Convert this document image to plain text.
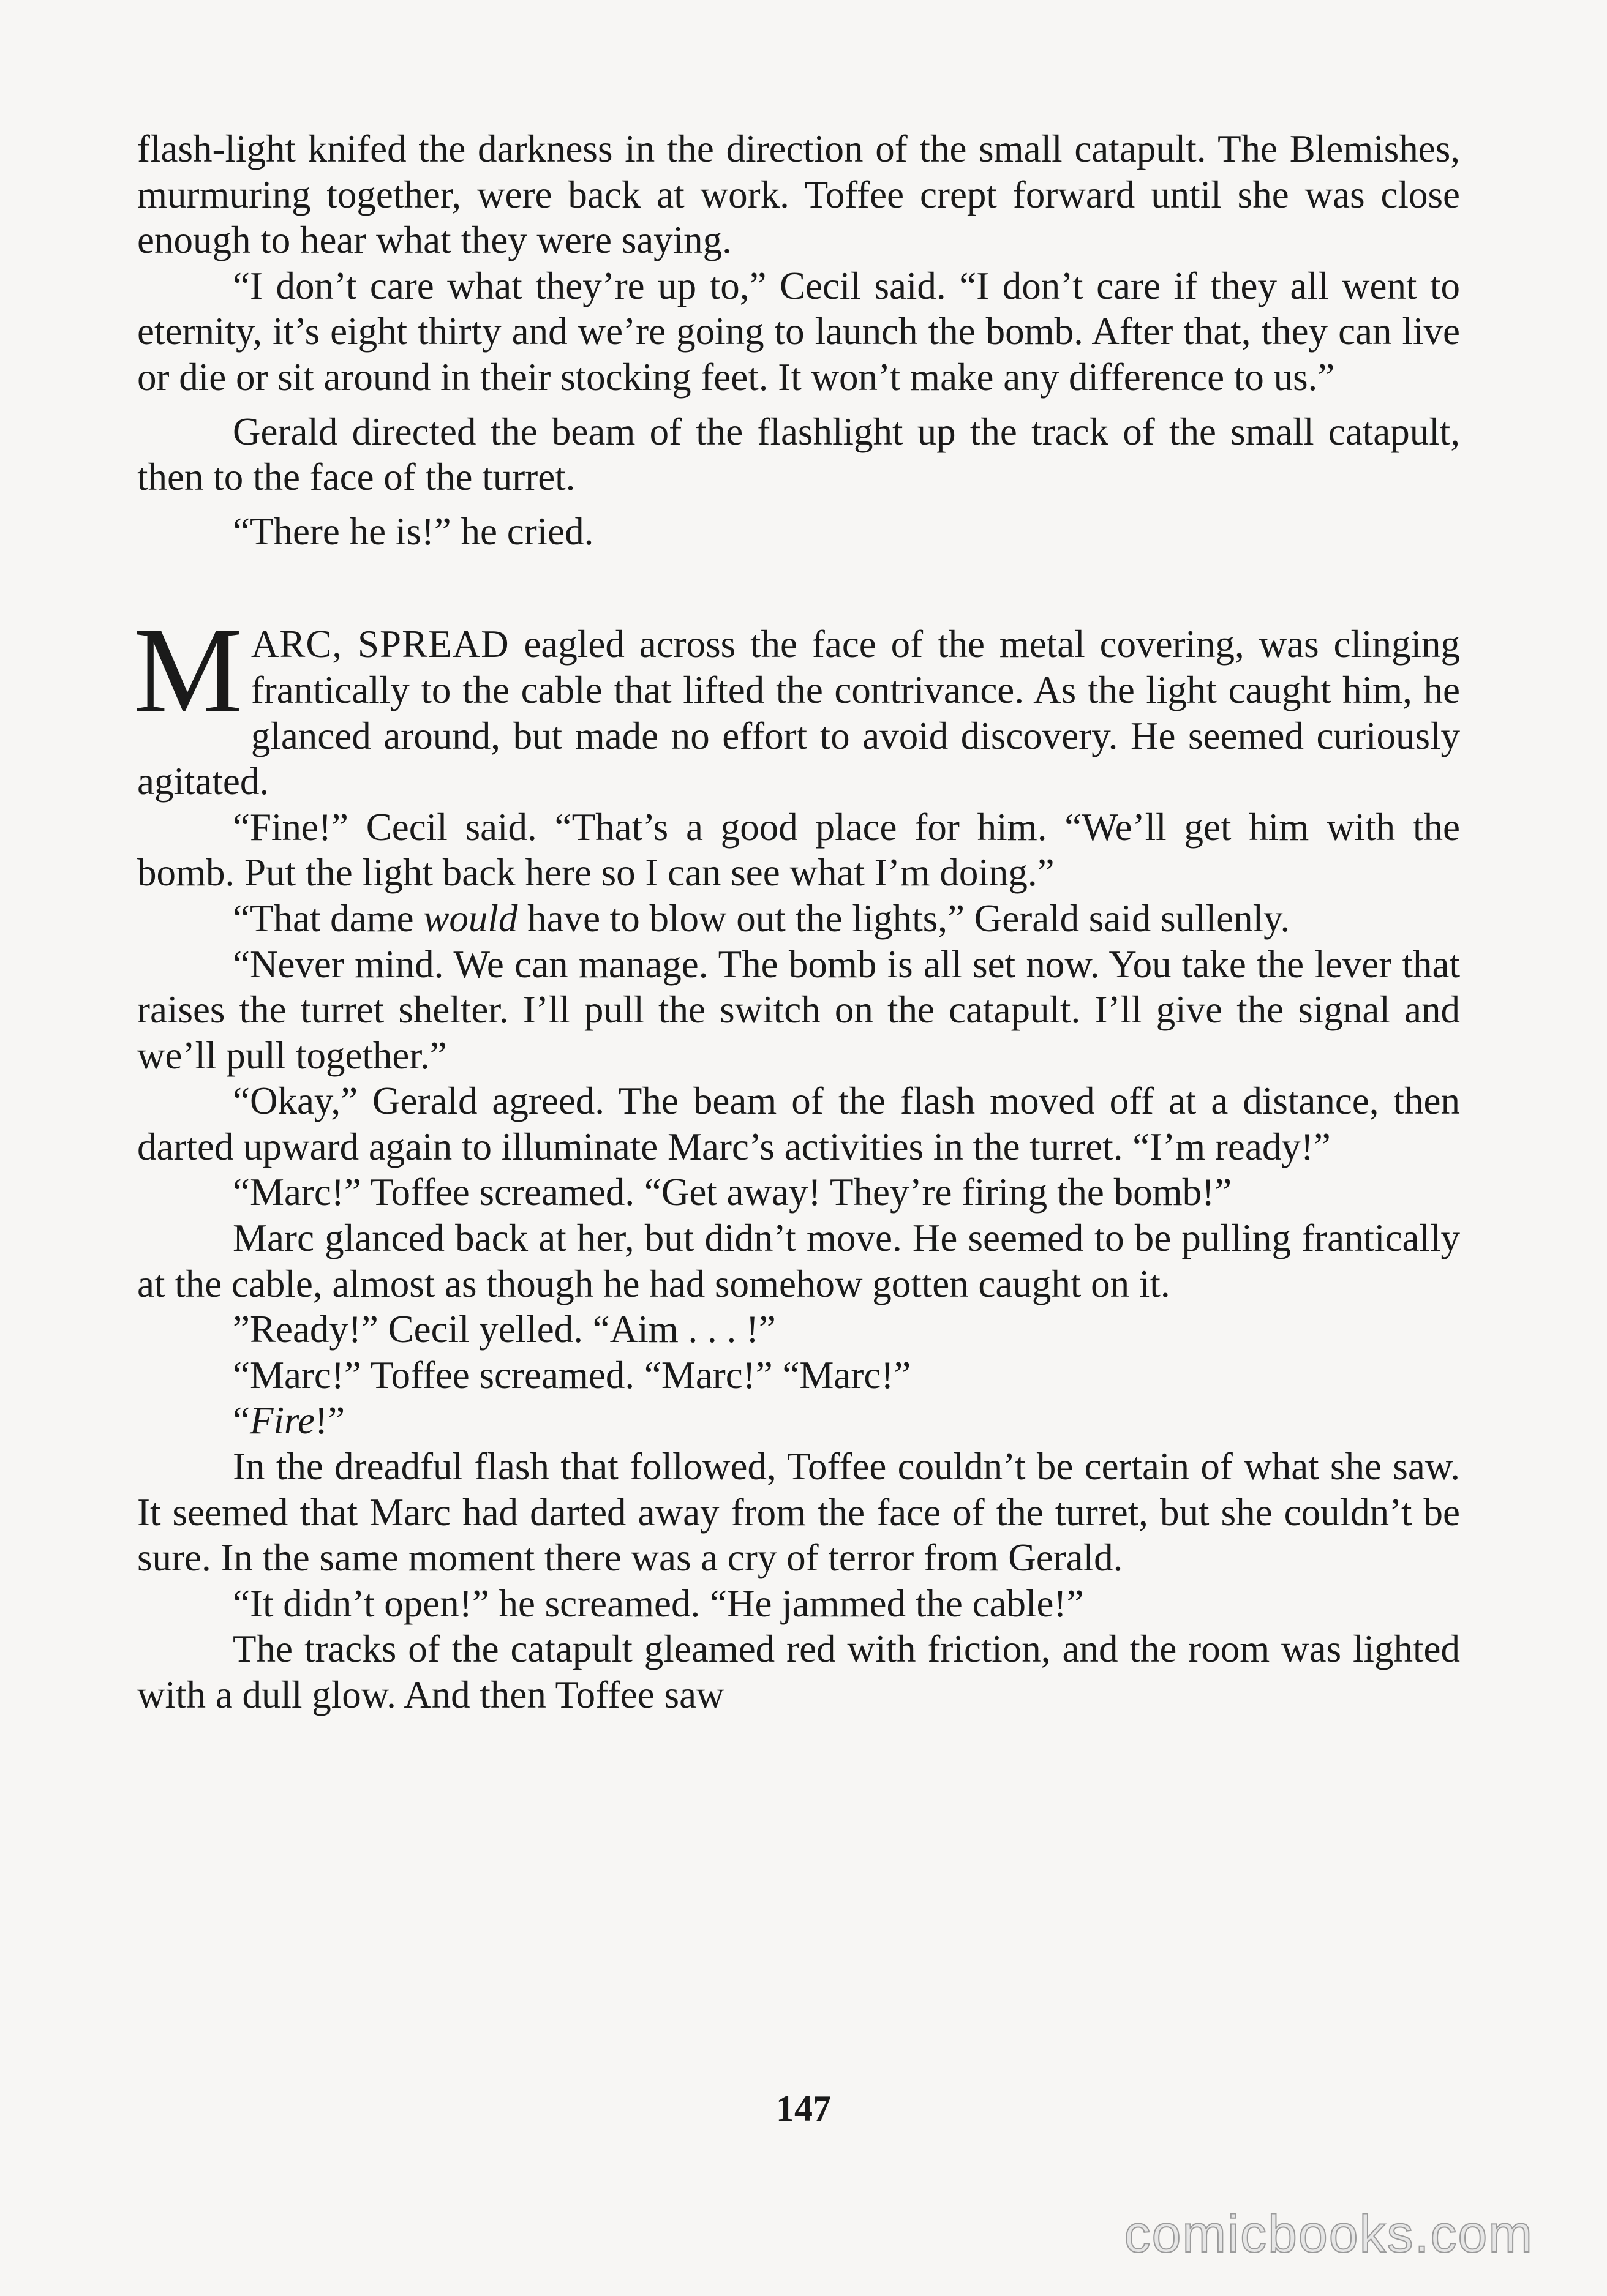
flash-light knifed the darkness in the direction of the small catapult. The Blemishes, murmuring together, were back at work. Toffee crept forward until she was close enough to hear what they were saying.

“I don’t care what they’re up to,” Cecil said. “I don’t care if they all went to eternity, it’s eight thirty and we’re going to launch the bomb. After that, they can live or die or sit around in their stocking feet. It won’t make any difference to us.”

Gerald directed the beam of the flashlight up the track of the small catapult, then to the face of the turret.

“There he is!” he cried.

MARC, SPREAD eagled across the face of the metal covering, was clinging frantically to the cable that lifted the contrivance. As the light caught him, he glanced around, but made no effort to avoid discovery. He seemed curiously agitated.

“Fine!” Cecil said. “That’s a good place for him. “We’ll get him with the bomb. Put the light back here so I can see what I’m doing.”

“That dame would have to blow out the lights,” Gerald said sullenly.

“Never mind. We can manage. The bomb is all set now. You take the lever that raises the turret shelter. I’ll pull the switch on the catapult. I’ll give the signal and we’ll pull together.”

“Okay,” Gerald agreed. The beam of the flash moved off at a distance, then darted upward again to illuminate Marc’s activities in the turret. “I’m ready!”

“Marc!” Toffee screamed. “Get away! They’re firing the bomb!”

Marc glanced back at her, but didn’t move. He seemed to be pulling frantically at the cable, almost as though he had somehow gotten caught on it.

”Ready!” Cecil yelled. “Aim . . . !”

“Marc!” Toffee screamed. “Marc!” “Marc!”

“Fire!”

In the dreadful flash that followed, Toffee couldn’t be certain of what she saw. It seemed that Marc had darted away from the face of the turret, but she couldn’t be sure. In the same moment there was a cry of terror from Gerald.

“It didn’t open!” he screamed. “He jammed the cable!”

The tracks of the catapult gleamed red with friction, and the room was lighted with a dull glow. And then Toffee saw

147
comicbooks.com
